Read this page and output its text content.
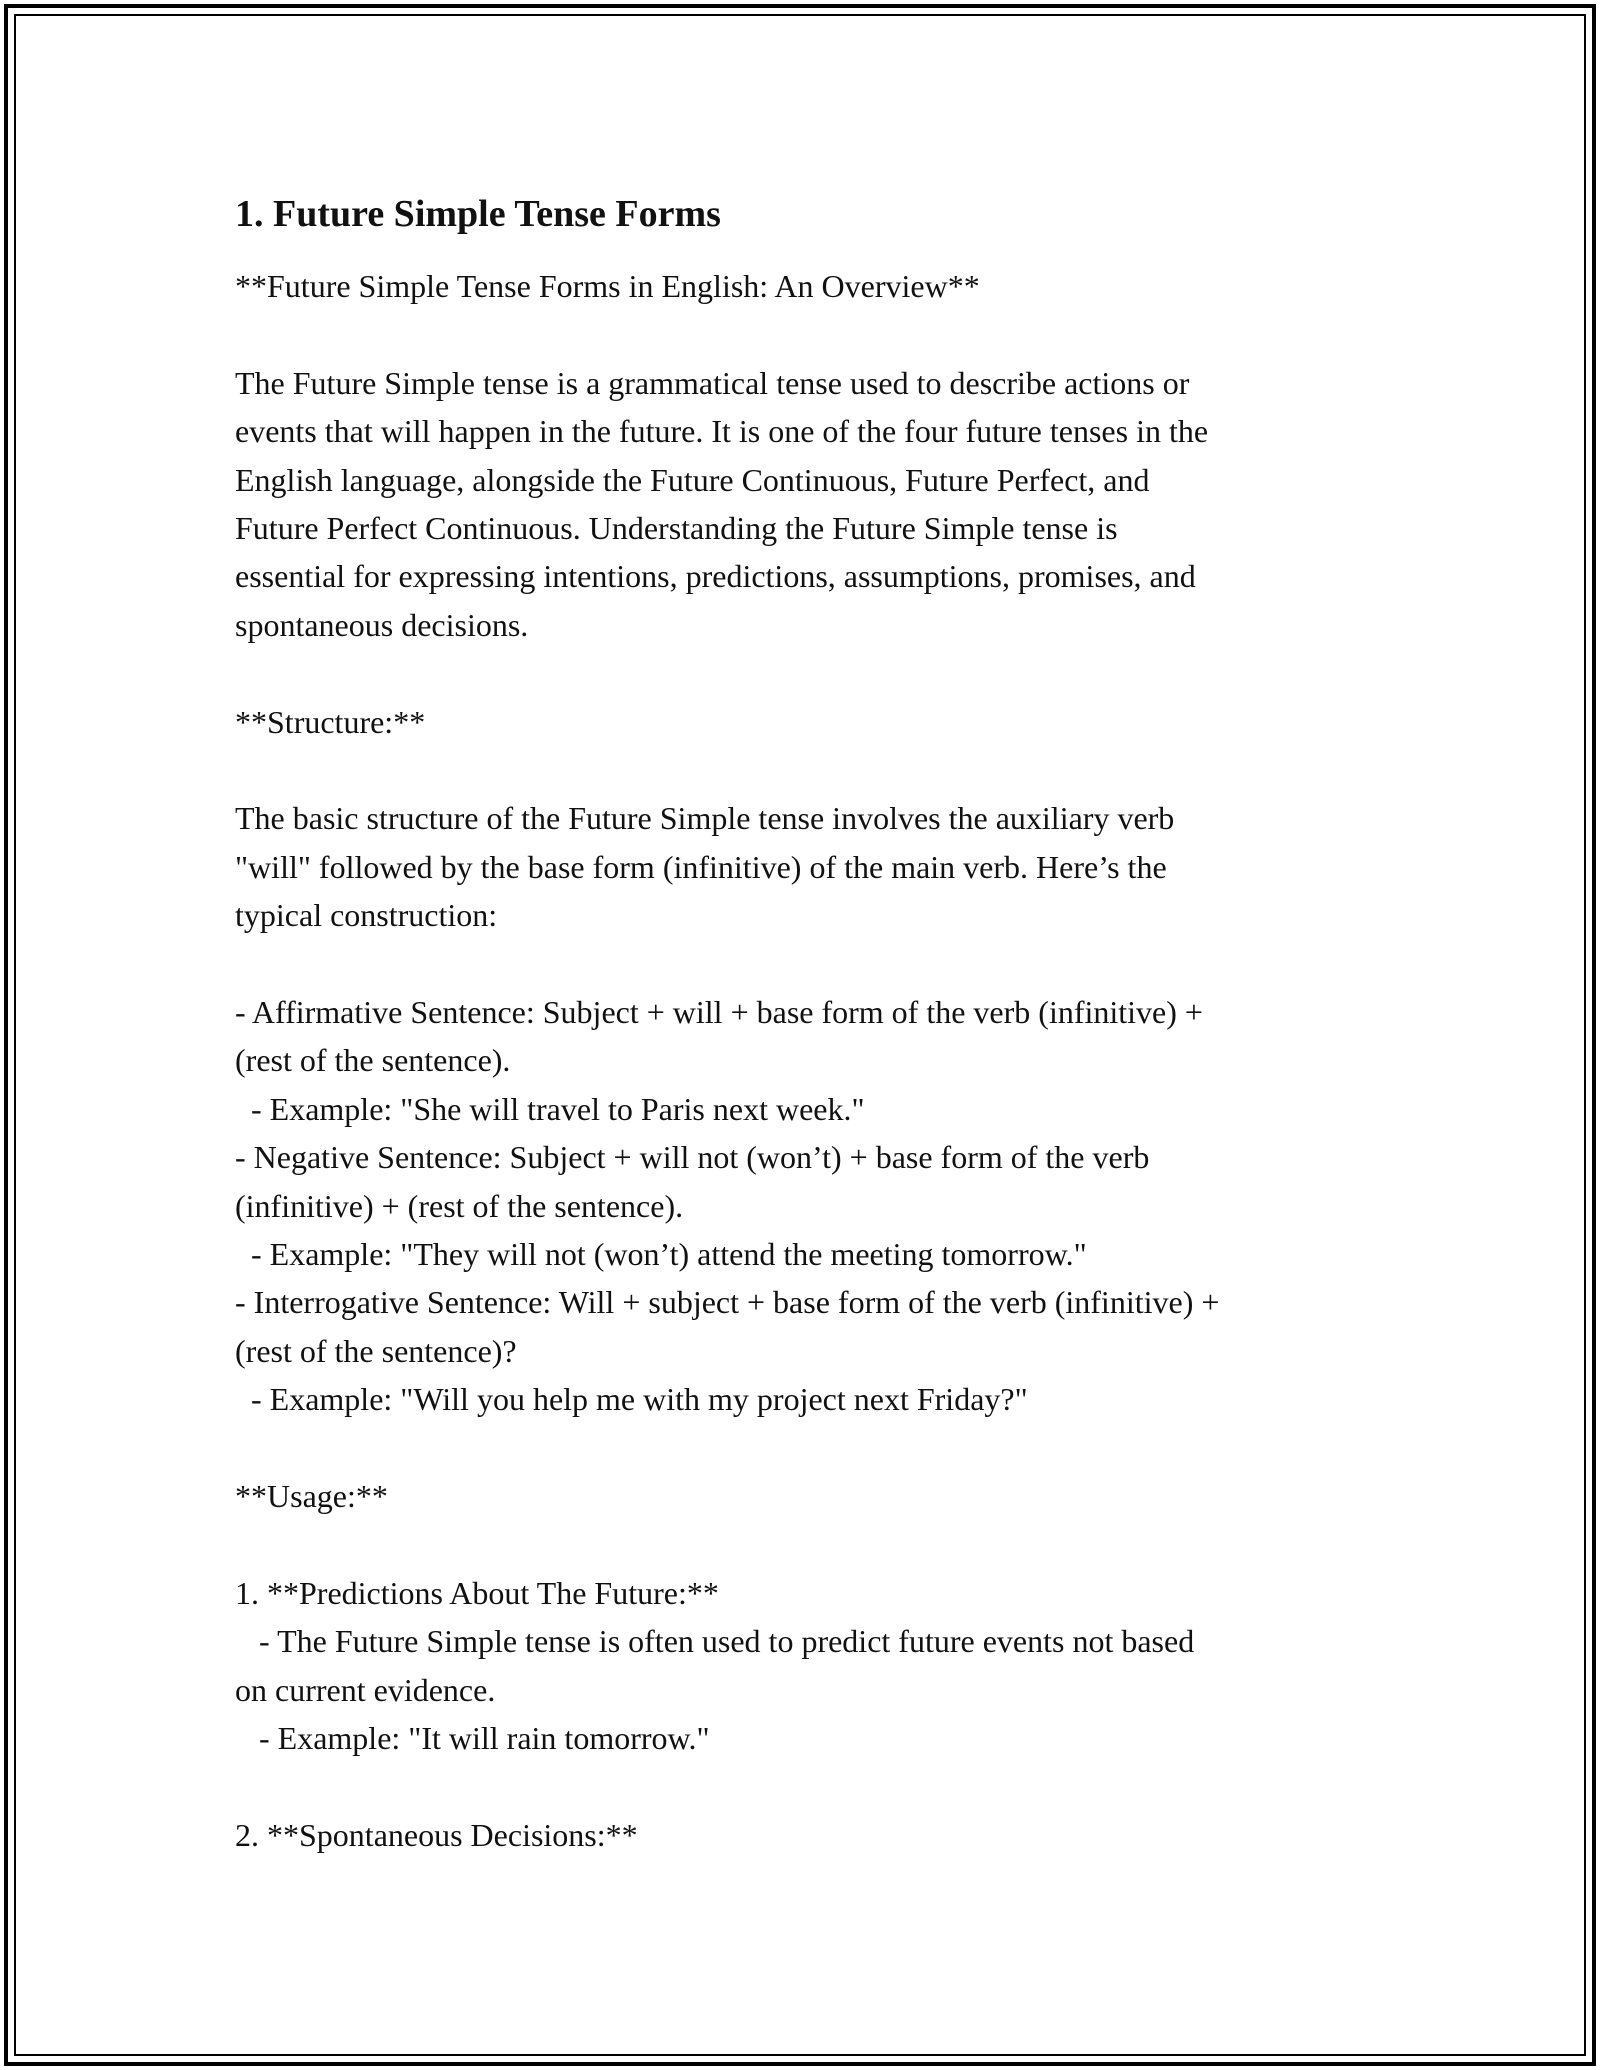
1. Future Simple Tense Forms
**Future Simple Tense Forms in English: An Overview**
The Future Simple tense is a grammatical tense used to describe actions or
events that will happen in the future. It is one of the four future tenses in the
English language, alongside the Future Continuous, Future Perfect, and
Future Perfect Continuous. Understanding the Future Simple tense is
essential for expressing intentions, predictions, assumptions, promises, and
spontaneous decisions.
**Structure:**
The basic structure of the Future Simple tense involves the auxiliary verb
"will" followed by the base form (infinitive) of the main verb. Here’s the
typical construction:
- Affirmative Sentence: Subject + will + base form of the verb (infinitive) +
(rest of the sentence).
- Example: "She will travel to Paris next week."
- Negative Sentence: Subject + will not (won’t) + base form of the verb
(infinitive) + (rest of the sentence).
- Example: "They will not (won’t) attend the meeting tomorrow."
- Interrogative Sentence: Will + subject + base form of the verb (infinitive) +
(rest of the sentence)?
- Example: "Will you help me with my project next Friday?"
**Usage:**
1. **Predictions About The Future:**
- The Future Simple tense is often used to predict future events not based
on current evidence.
- Example: "It will rain tomorrow."
2. **Spontaneous Decisions:**
